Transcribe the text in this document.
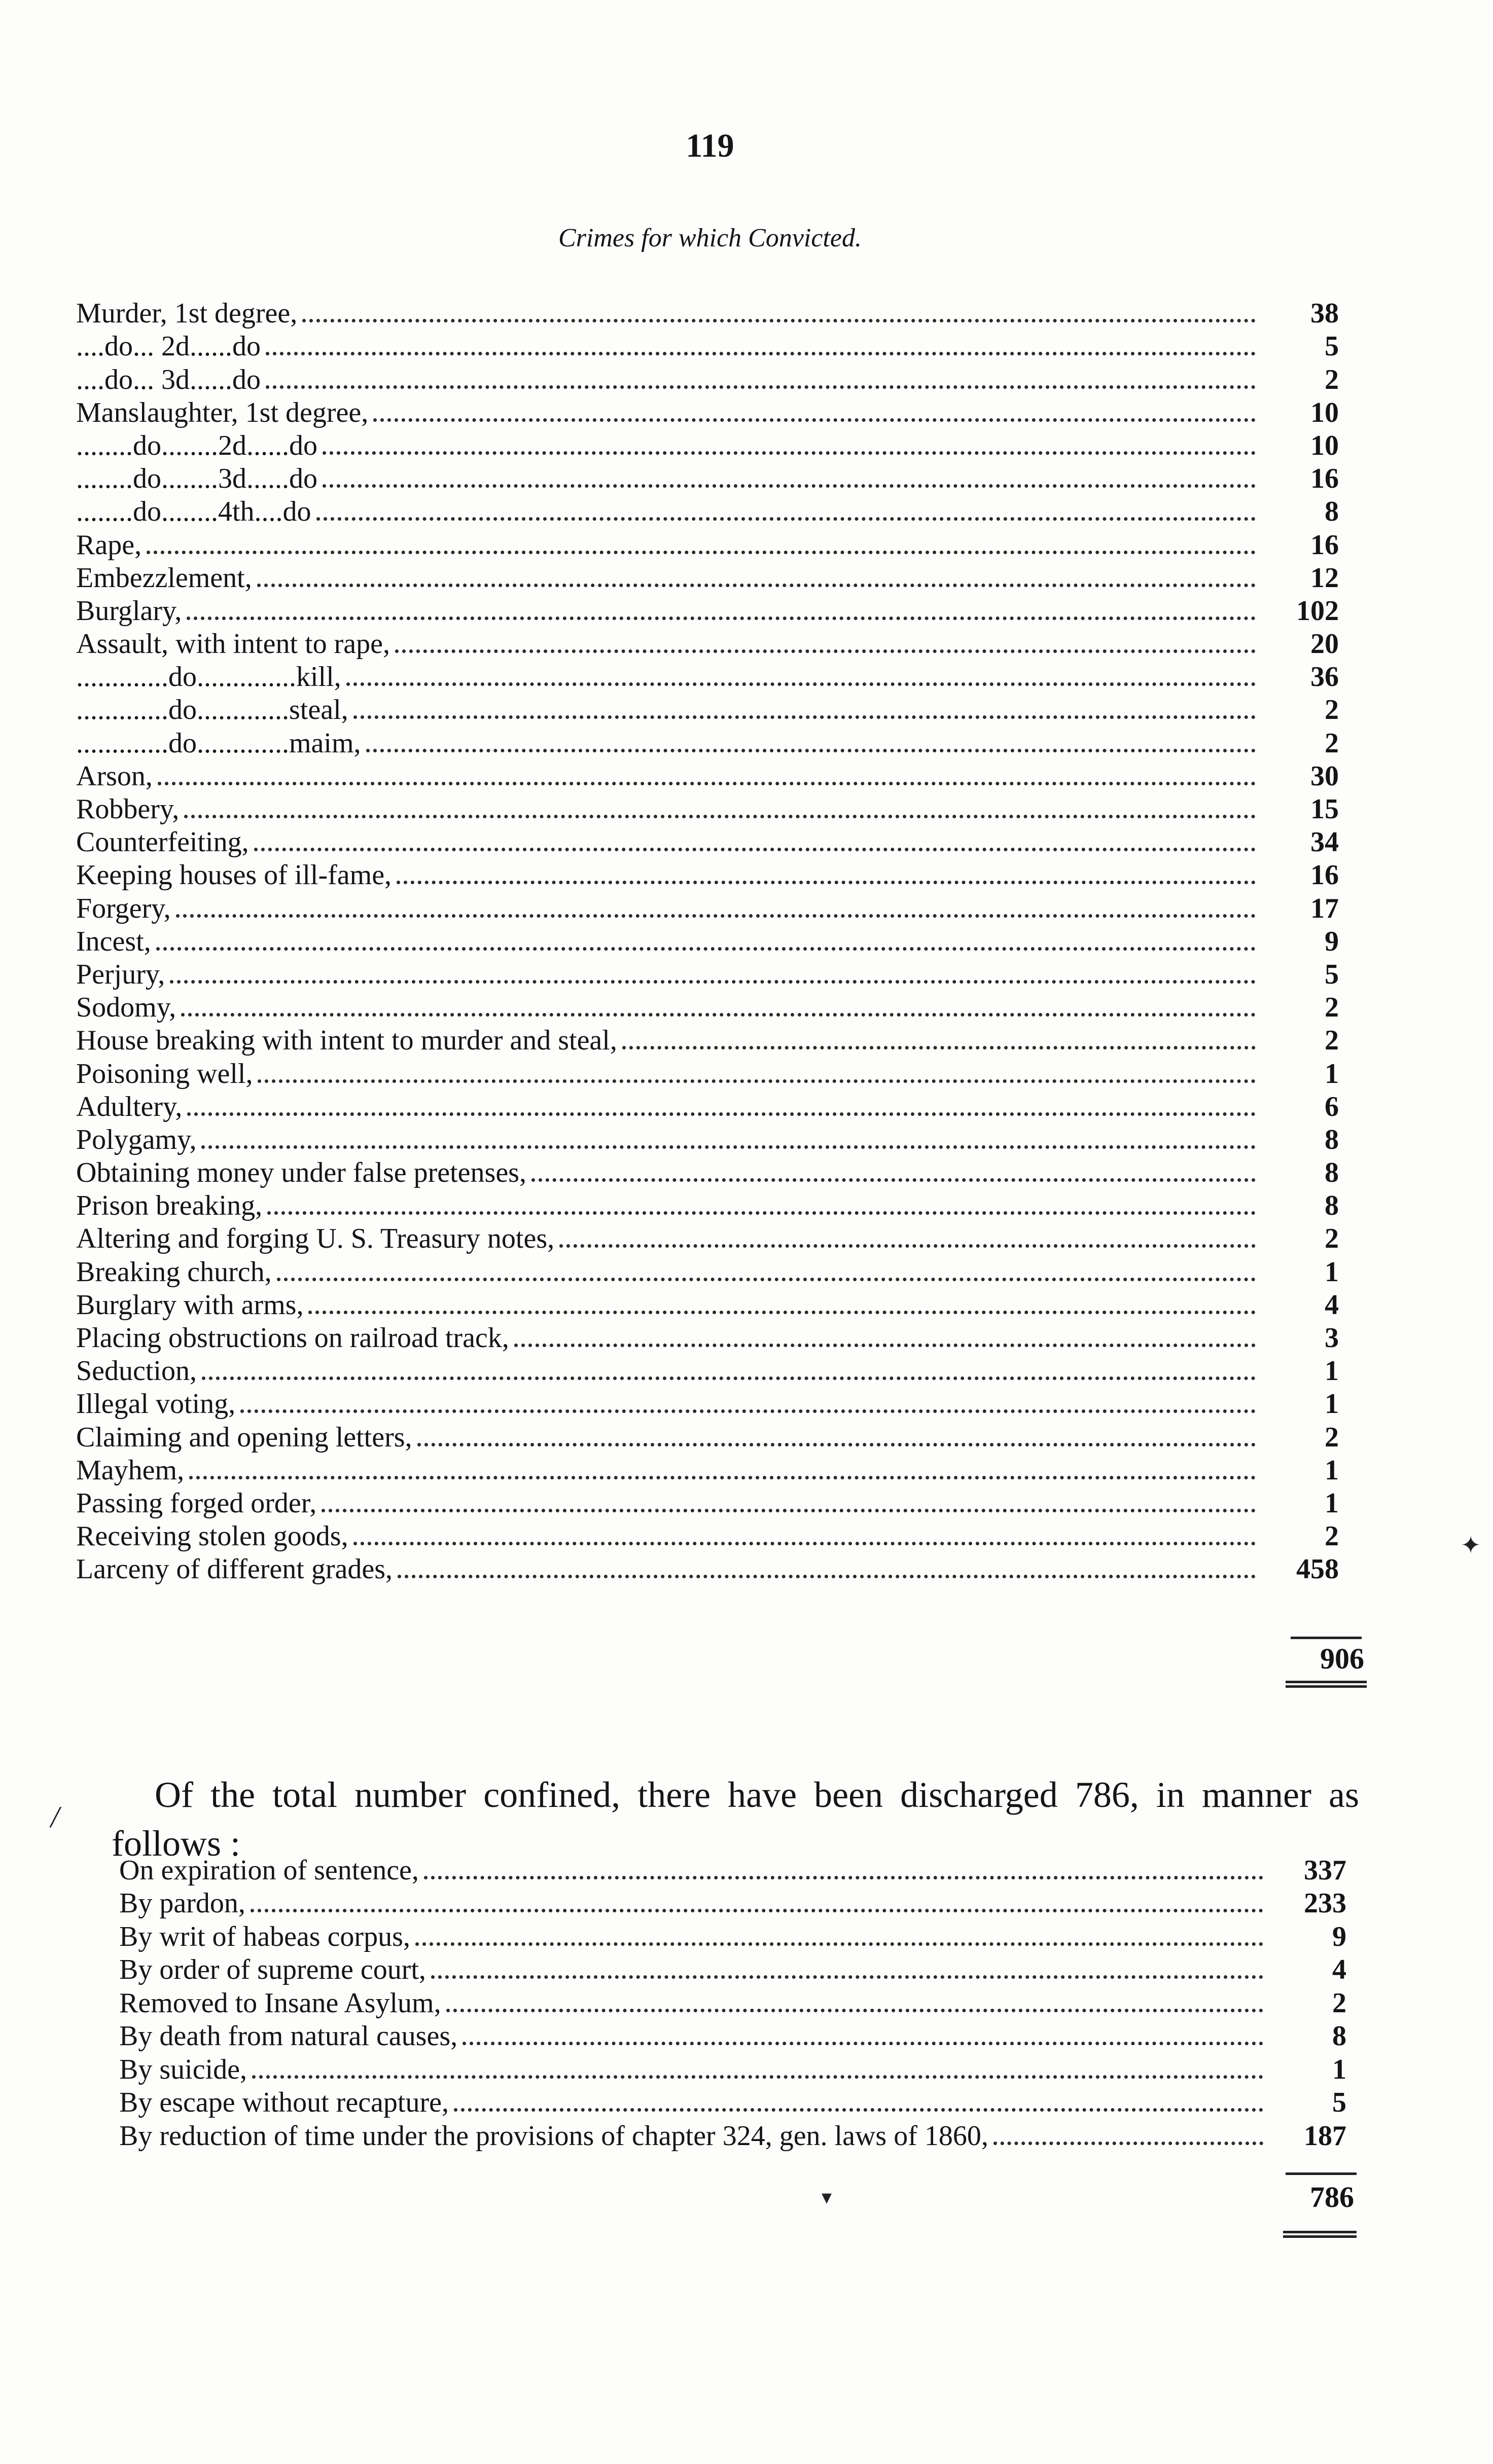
119
Crimes for which Convicted.
Murder, 1st degree,	38
....do... 2d......do	5
....do... 3d......do	2
Manslaughter, 1st degree,	10
........do........2d......do	10
........do........3d......do	16
........do........4th....do	8
Rape,	16
Embezzlement,	12
Burglary,	102
Assault, with intent to rape,	20
.............do..............kill,	36
.............do.............steal,	2
.............do.............maim,	2
Arson,	30
Robbery,	15
Counterfeiting,	34
Keeping houses of ill-fame,	16
Forgery,	17
Incest,	9
Perjury,	5
Sodomy,	2
House breaking with intent to murder and steal,	2
Poisoning well,	1
Adultery,	6
Polygamy,	8
Obtaining money under false pretenses,	8
Prison breaking,	8
Altering and forging U. S. Treasury notes,	2
Breaking church,	1
Burglary with arms,	4
Placing obstructions on railroad track,	3
Seduction,	1
Illegal voting,	1
Claiming and opening letters,	2
Mayhem,	1
Passing forged order,	1
Receiving stolen goods,	2
Larceny of different grades,	458
906

Of the total number confined, there have been discharged 786, in manner as follows :

On expiration of sentence,	337
By pardon,	233
By writ of habeas corpus,	9
By order of supreme court,	4
Removed to Insane Asylum,	2
By death from natural causes,	8
By suicide,	1
By escape without recapture,	5
By reduction of time under the provisions of chapter 324, gen. laws of 1860,	187
786
✦
▾
/
